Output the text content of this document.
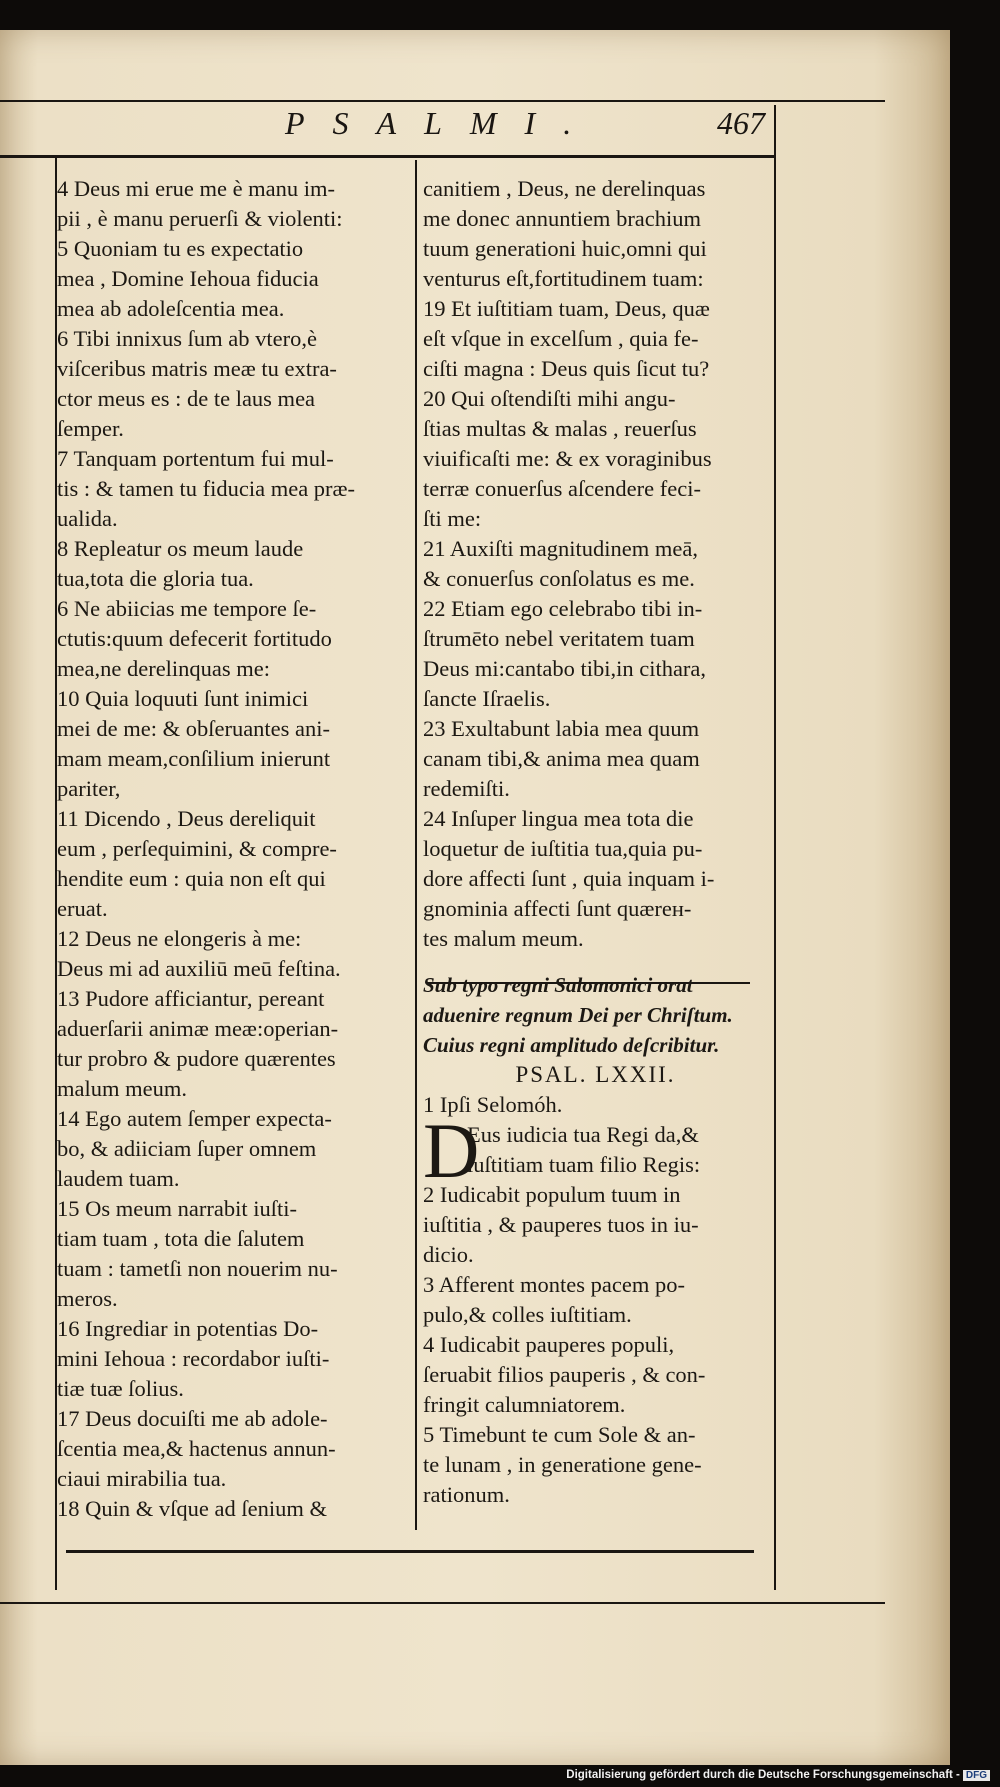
PSALMI.	467
4 Deus mi erue me è manu im-
pii , è manu peruerſi & violenti:
5 Quoniam tu es expectatio
mea , Domine Iehoua fiducia
mea ab adoleſcentia mea.
6 Tibi innixus ſum ab vtero,è
viſceribus matris meæ tu extra-
ctor meus es : de te laus mea
ſemper.
7 Tanquam portentum fui mul-
tis : & tamen tu fiducia mea præ-
ualida.
8 Repleatur os meum laude
tua,tota die gloria tua.
6 Ne abiicias me tempore ſe-
ctutis:quum defecerit fortitudo
mea,ne derelinquas me:
10 Quia loquuti ſunt inimici
mei de me: & obſeruantes ani-
mam meam,conſilium inierunt
pariter,
11 Dicendo , Deus dereliquit
eum , perſequimini, & compre-
hendite eum : quia non eſt qui
eruat.
12 Deus ne elongeris à me:
Deus mi ad auxiliū meū feſtina.
13 Pudore afficiantur, pereant
aduerſarii animæ meæ:operian-
tur probro & pudore quærentes
malum meum.
14 Ego autem ſemper expecta-
bo, & adiiciam ſuper omnem
laudem tuam.
15 Os meum narrabit iuſti-
tiam tuam , tota die ſalutem
tuam : tametſi non nouerim nu-
meros.
16 Ingrediar in potentias Do-
mini Iehoua : recordabor iuſti-
tiæ tuæ ſolius.
17 Deus docuiſti me ab adole-
ſcentia mea,& hactenus annun-
ciaui mirabilia tua.
18 Quin & vſque ad ſenium &
canitiem , Deus, ne derelinquas
me donec annuntiem brachium
tuum generationi huic,omni qui
venturus eſt,fortitudinem tuam:
19 Et iuſtitiam tuam, Deus, quæ
eſt vſque in excelſum , quia fe-
ciſti magna : Deus quis ſicut tu?
20 Qui oſtendiſti mihi angu-
ſtias multas & malas , reuerſus
viuificaſti me: & ex voraginibus
terræ conuerſus aſcendere feci-
ſti me:
21 Auxiſti magnitudinem meā,
& conuerſus conſolatus es me.
22 Etiam ego celebrabo tibi in-
ſtrumēto nebel veritatem tuam
Deus mi:cantabo tibi,in cithara,
ſancte Iſraelis.
23 Exultabunt labia mea quum
canam tibi,& anima mea quam
redemiſti.
24 Inſuper lingua mea tota die
loquetur de iuſtitia tua,quia pu-
dore affecti ſunt , quia inquam i-
gnominia affecti ſunt quærен-
tes malum meum.
Sub typo regni Salomonici orat
aduenire regnum Dei per Chriſtum.
Cuius regni amplitudo deſcribitur.
PSAL. LXXII.
1 Ipſi Selomóh.
D
Eus iudicia tua Regi da,&
iuſtitiam tuam filio Regis:
2 Iudicabit populum tuum in
iuſtitia , & pauperes tuos in iu-
dicio.
3 Afferent montes pacem po-
pulo,& colles iuſtitiam.
4 Iudicabit pauperes populi,
ſeruabit filios pauperis , & con-
fringit calumniatorem.
5 Timebunt te cum Sole & an-
te lunam , in generatione gene-
rationum.
Digitalisierung gefördert durch die Deutsche Forschungsgemeinschaft - DFG
